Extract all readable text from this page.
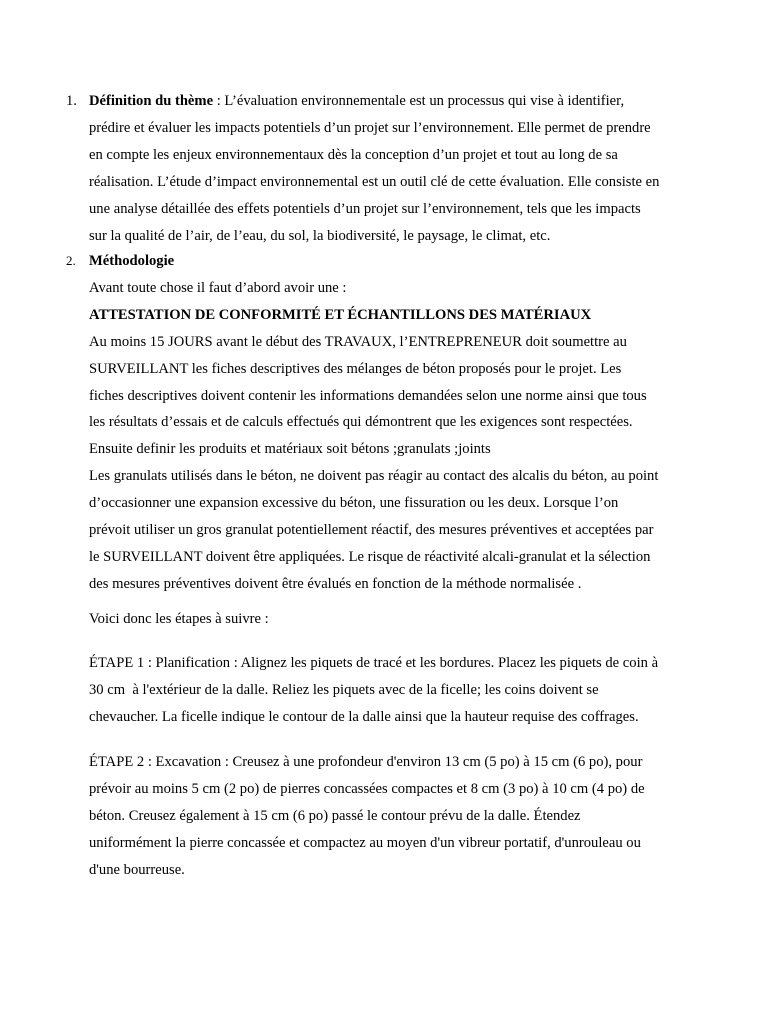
1. Définition du thème : L’évaluation environnementale est un processus qui vise à identifier,
prédire et évaluer les impacts potentiels d’un projet sur l’environnement. Elle permet de prendre
en compte les enjeux environnementaux dès la conception d’un projet et tout au long de sa
réalisation. L’étude d’impact environnemental est un outil clé de cette évaluation. Elle consiste en
une analyse détaillée des effets potentiels d’un projet sur l’environnement, tels que les impacts
sur la qualité de l’air, de l’eau, du sol, la biodiversité, le paysage, le climat, etc.
2. Méthodologie
Avant toute chose il faut d’abord avoir une :
ATTESTATION DE CONFORMITÉ ET ÉCHANTILLONS DES MATÉRIAUX
Au moins 15 JOURS avant le début des TRAVAUX, l’ENTREPRENEUR doit soumettre au
SURVEILLANT les fiches descriptives des mélanges de béton proposés pour le projet. Les
fiches descriptives doivent contenir les informations demandées selon une norme ainsi que tous
les résultats d’essais et de calculs effectués qui démontrent que les exigences sont respectées.
Ensuite definir les produits et matériaux soit bétons ;granulats ;joints
Les granulats utilisés dans le béton, ne doivent pas réagir au contact des alcalis du béton, au point
d’occasionner une expansion excessive du béton, une fissuration ou les deux. Lorsque l’on
prévoit utiliser un gros granulat potentiellement réactif, des mesures préventives et acceptées par
le SURVEILLANT doivent être appliquées. Le risque de réactivité alcali-granulat et la sélection
des mesures préventives doivent être évalués en fonction de la méthode normalisée .
Voici donc les étapes à suivre :
ÉTAPE 1 : Planification : Alignez les piquets de tracé et les bordures. Placez les piquets de coin à
30 cm  à l'extérieur de la dalle. Reliez les piquets avec de la ficelle; les coins doivent se
chevaucher. La ficelle indique le contour de la dalle ainsi que la hauteur requise des coffrages.
ÉTAPE 2 : Excavation : Creusez à une profondeur d'environ 13 cm (5 po) à 15 cm (6 po), pour
prévoir au moins 5 cm (2 po) de pierres concassées compactes et 8 cm (3 po) à 10 cm (4 po) de
béton. Creusez également à 15 cm (6 po) passé le contour prévu de la dalle. Étendez
uniformément la pierre concassée et compactez au moyen d'un vibreur portatif, d'unrouleau ou
d'une bourreuse.
